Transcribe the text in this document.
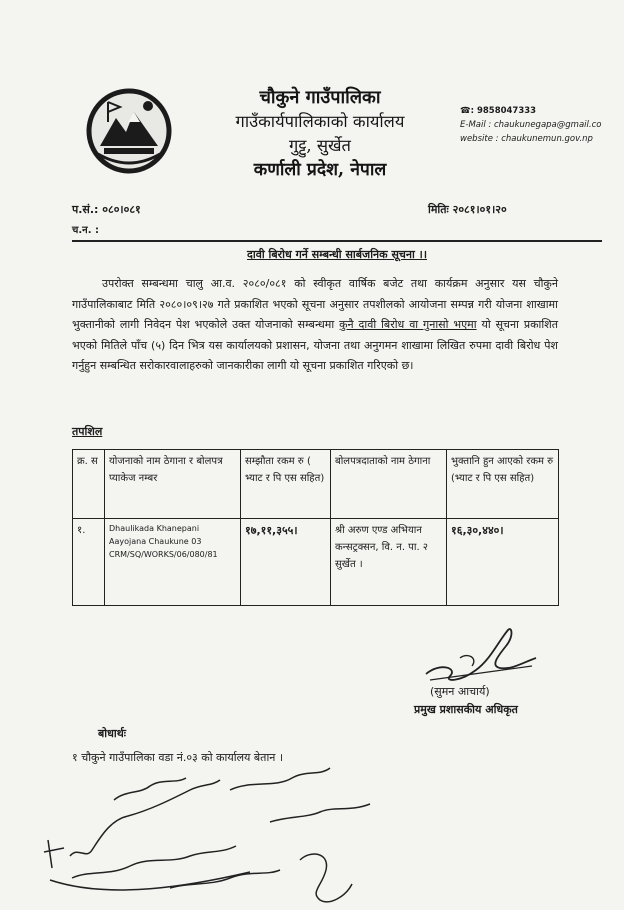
चौकुने गाउँपालिका
गाउँकार्यपालिकाको कार्यालय
गुट्टु, सुर्खेत
कर्णाली प्रदेश, नेपाल
☎: 9858047333
E-Mail : chaukunegapa@gmail.co
website : chaukunemun.gov.np
प.सं.: ०८०।०८१
च.न. :
मितिः २०८१।०१।२०
दावी बिरोध गर्ने सम्बन्धी सार्बजनिक सूचना ।।
उपरोक्त सम्बन्धमा चालु आ.व. २०८०/०८१ को स्वीकृत वार्षिक बजेट तथा कार्यक्रम अनुसार यस चौकुने गाउँपालिकाबाट मिति २०८०।०९।२७ गते प्रकाशित भएको सूचना अनुसार तपशीलको आयोजना सम्पन्न गरी योजना शाखामा भुक्तानीको लागी निवेदन पेश भएकोले उक्त योजनाको सम्बन्धमा कुनै दावी बिरोध वा गुनासो भएमा यो सूचना प्रकाशित भएको मितिले पाँच (५) दिन भित्र यस कार्यालयको प्रशासन, योजना तथा अनुगमन शाखामा लिखित रुपमा दावी बिरोध पेश गर्नुहुन सम्बन्धित सरोकारवालाहरुको जानकारीका लागी यो सूचना प्रकाशित गरिएको छ।
तपशिल
क्र. स	योजनाको नाम ठेगाना र बोलपत्र प्याकेज नम्बर	सम्झौता रकम रु ( भ्याट र पि एस सहित)	बोलपत्रदाताको नाम ठेगाना	भुक्तानि हुन आएको रकम रु (भ्याट र पि एस सहित)
१.	Dhaulikada Khanepani
Aayojana Chaukune 03
CRM/SQ/WORKS/06/080/81	१७,११,३५५।	श्री अरुण एण्ड अभियान कन्सट्रक्सन, वि. न. पा. २ सुर्खेत ।	१६,३०,४४०।
(सुमन आचार्य)
प्रमुख प्रशासकीय अधिकृत
बोधार्थः
१ चौकुने गाउँपालिका वडा नं.०३ को कार्यालय बेतान ।
